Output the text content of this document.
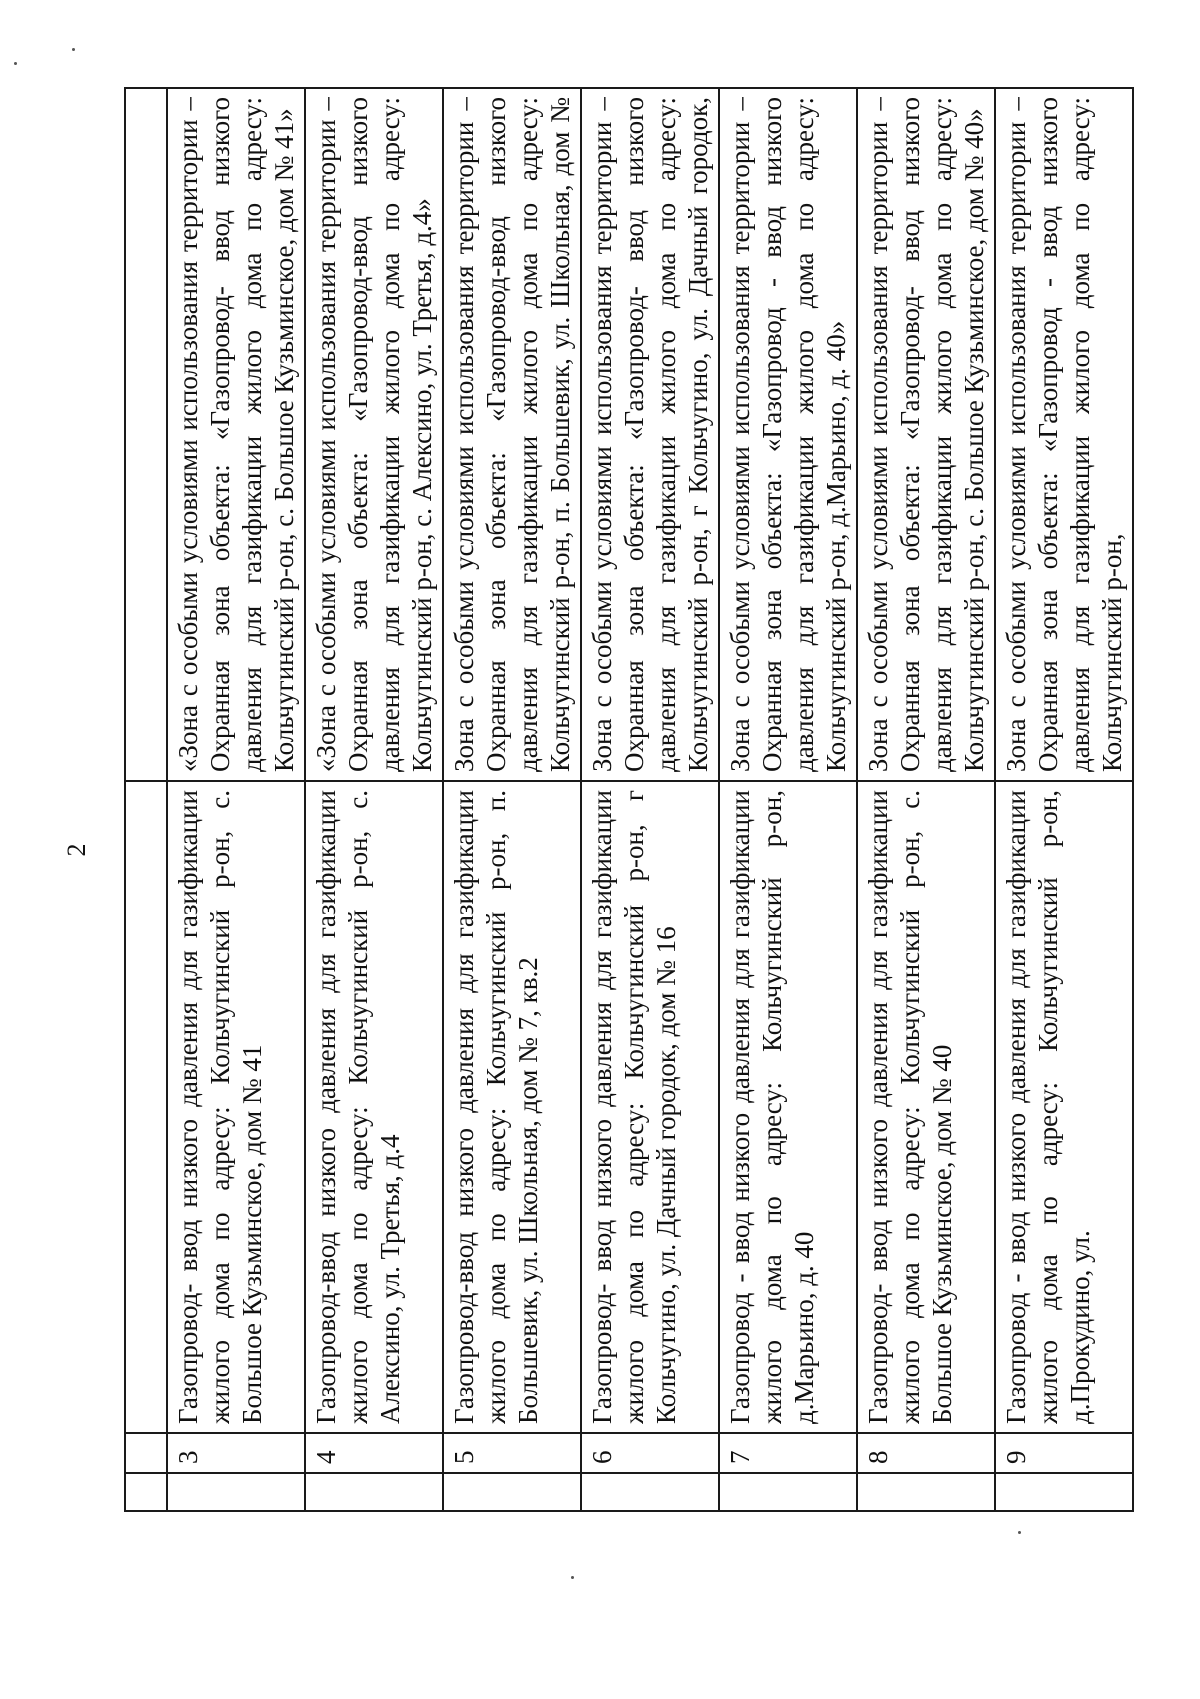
2

	3	Газопровод- ввод низкого давления для газификации жилого дома по адресу: Кольчугинский р-он, с. Большое Кузьминское, дом № 41	«Зона с особыми условиями использования территории – Охранная зона объекта: «Газопровод- ввод низкого давления для газификации жилого дома по адресу: Кольчугинский р-он, с. Большое Кузьминское, дом № 41»

	4	Газопровод-ввод низкого давления для газификации жилого дома по адресу: Кольчугинский р-он, с. Алексино, ул. Третья, д.4	«Зона с особыми условиями использования территории – Охранная зона объекта: «Газопровод-ввод низкого давления для газификации жилого дома по адресу: Кольчугинский р-он, с. Алексино, ул. Третья, д.4»

	5	Газопровод-ввод низкого давления для газификации жилого дома по адресу: Кольчугинский р-он, п. Большевик, ул. Школьная, дом № 7, кв.2	Зона с особыми условиями использования территории – Охранная зона объекта: «Газопровод-ввод низкого давления для газификации жилого дома по адресу: Кольчугинский р-он, п. Большевик, ул. Школьная, дом №

	6	Газопровод- ввод низкого давления для газификации жилого дома по адресу: Кольчугинский р-он, г Кольчугино, ул. Дачный городок, дом № 16	Зона с особыми условиями использования территории – Охранная зона объекта: «Газопровод- ввод низкого давления для газификации жилого дома по адресу: Кольчугинский р-он, г Кольчугино, ул. Дачный городок,

	7	Газопровод - ввод низкого давления для газификации жилого дома по адресу: Кольчугинский р-он, д.Марьино, д. 40	Зона с особыми условиями использования территории – Охранная зона объекта: «Газопровод - ввод низкого давления для газификации жилого дома по адресу: Кольчугинский р-он, д.Марьино, д. 40»

	8	Газопровод- ввод низкого давления для газификации жилого дома по адресу: Кольчугинский р-он, с. Большое Кузьминское, дом № 40	Зона с особыми условиями использования территории – Охранная зона объекта: «Газопровод- ввод низкого давления для газификации жилого дома по адресу: Кольчугинский р-он, с. Большое Кузьминское, дом № 40»

	9	Газопровод - ввод низкого давления для газификации жилого дома по адресу: Кольчугинский р-он, д.Прокудино, ул.	Зона с особыми условиями использования территории – Охранная зона объекта: «Газопровод - ввод низкого давления для газификации жилого дома по адресу: Кольчугинский р-он,
